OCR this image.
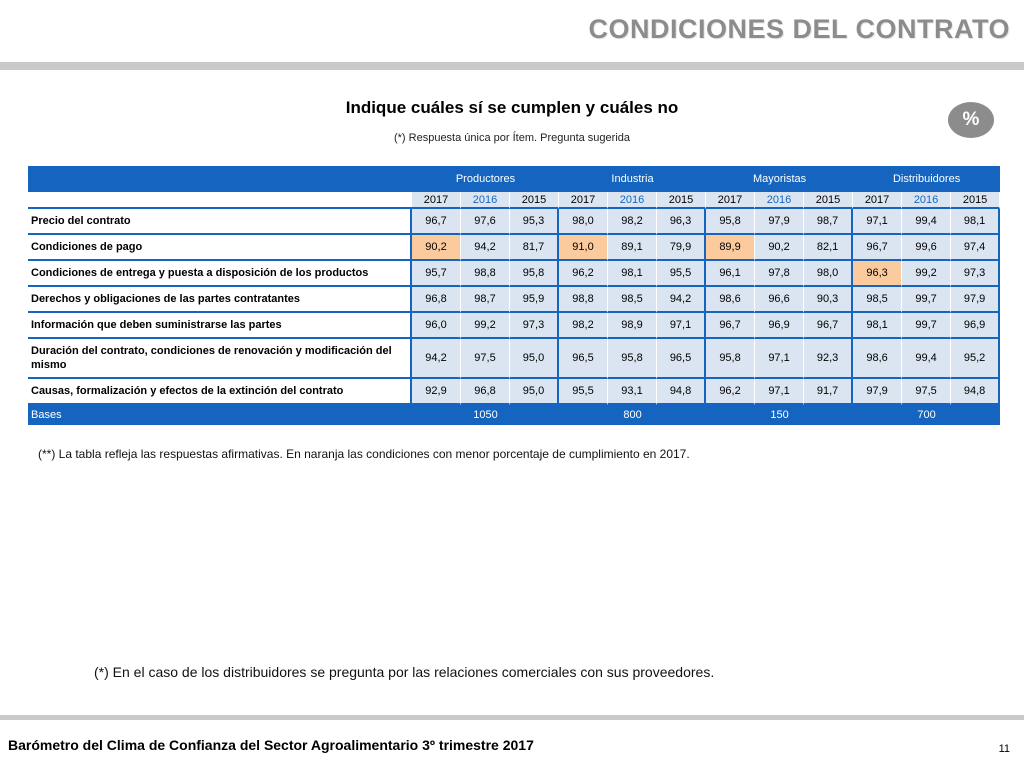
CONDICIONES DEL CONTRATO
Indique cuáles sí se cumplen y cuáles no
(*) Respuesta única por Ítem. Pregunta sugerida
%
	Productores			Industria			Mayoristas			Distribuidores		
	2017	2016	2015	2017	2016	2015	2017	2016	2015	2017	2016	2015
Precio del contrato	96,7	97,6	95,3	98,0	98,2	96,3	95,8	97,9	98,7	97,1	99,4	98,1
Condiciones de pago	90,2	94,2	81,7	91,0	89,1	79,9	89,9	90,2	82,1	96,7	99,6	97,4
Condiciones de entrega y puesta a disposición de los productos	95,7	98,8	95,8	96,2	98,1	95,5	96,1	97,8	98,0	96,3	99,2	97,3
Derechos y obligaciones de las partes contratantes	96,8	98,7	95,9	98,8	98,5	94,2	98,6	96,6	90,3	98,5	99,7	97,9
Información que deben suministrarse las partes	96,0	99,2	97,3	98,2	98,9	97,1	96,7	96,9	96,7	98,1	99,7	96,9
Duración del contrato, condiciones de renovación y modificación del mismo	94,2	97,5	95,0	96,5	95,8	96,5	95,8	97,1	92,3	98,6	99,4	95,2
Causas, formalización y efectos de la extinción del contrato	92,9	96,8	95,0	95,5	93,1	94,8	96,2	97,1	91,7	97,9	97,5	94,8
Bases	1050			800			150			700		
(**) La tabla refleja las respuestas afirmativas. En naranja las condiciones con menor porcentaje de cumplimiento en 2017.
(*) En el caso de los distribuidores se pregunta por las relaciones comerciales con sus proveedores.
Barómetro del Clima de Confianza del Sector Agroalimentario 3º trimestre 2017	11
